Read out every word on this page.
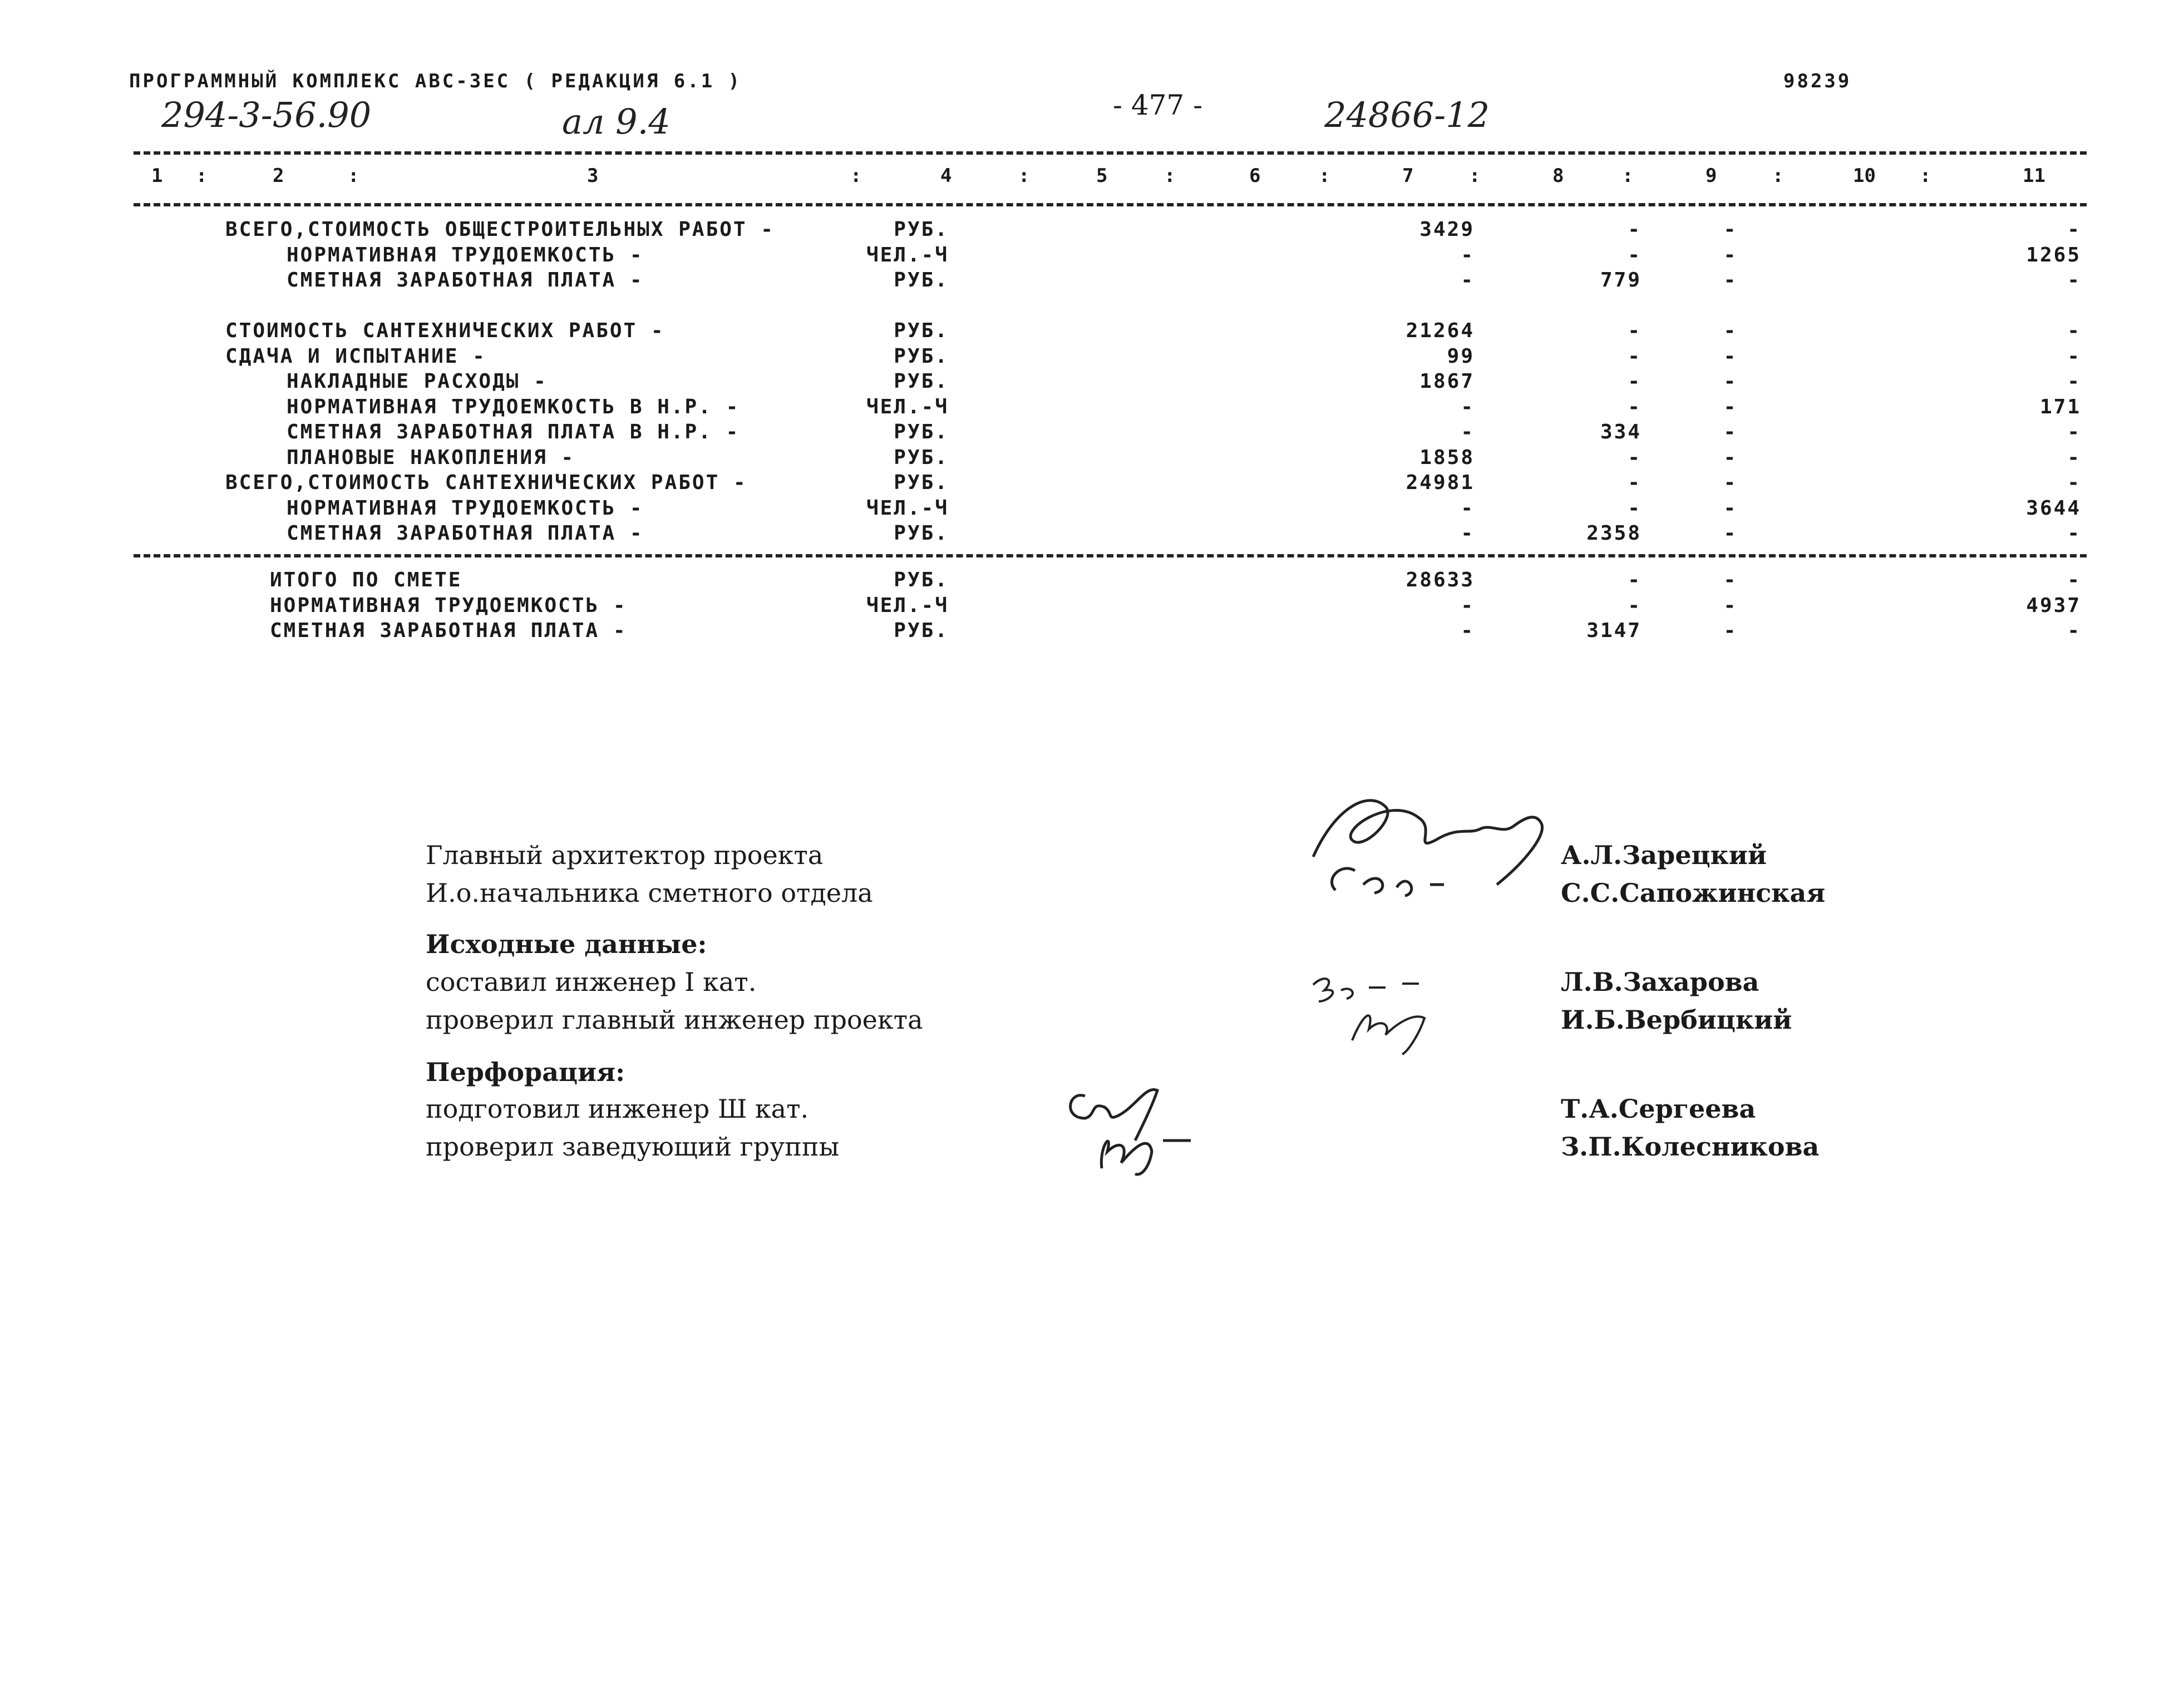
ПРОГРАММНЫЙ КОМПЛЕКС АВС-3ЕС ( РЕДАКЦИЯ 6.1 )	98239
294-3-56.90	ал 9.4	- 477 -	24866-12
1 :	2	:	3	:	4	:	5	:	6	:	7	:	8	:	9	:	10 :	11
ВСЕГО,СТОИМОСТЬ ОБЩЕСТРОИТЕЛЬНЫХ РАБОТ -	РУБ.	3429	-	-	-
НОРМАТИВНАЯ ТРУДОЕМКОСТЬ -	ЧЕЛ.-Ч	-	-	-	1265
СМЕТНАЯ ЗАРАБОТНАЯ ПЛАТА -	РУБ.	-	779	-	-
СТОИМОСТЬ САНТЕХНИЧЕСКИХ РАБОТ -	РУБ.	21264	-	-	-
СДАЧА И ИСПЫТАНИЕ -	РУБ.	99	-	-	-
НАКЛАДНЫЕ РАСХОДЫ -	РУБ.	1867	-	-	-
НОРМАТИВНАЯ ТРУДОЕМКОСТЬ В Н.Р. -	ЧЕЛ.-Ч	-	-	-	171
СМЕТНАЯ ЗАРАБОТНАЯ ПЛАТА В Н.Р. -	РУБ.	-	334	-	-
ПЛАНОВЫЕ НАКОПЛЕНИЯ -	РУБ.	1858	-	-	-
ВСЕГО,СТОИМОСТЬ САНТЕХНИЧЕСКИХ РАБОТ -	РУБ.	24981	-	-	-
НОРМАТИВНАЯ ТРУДОЕМКОСТЬ -	ЧЕЛ.-Ч	-	-	-	3644
СМЕТНАЯ ЗАРАБОТНАЯ ПЛАТА -	РУБ.	-	2358	-	-
ИТОГО ПО СМЕТЕ	РУБ.	28633	-	-	-
НОРМАТИВНАЯ ТРУДОЕМКОСТЬ -	ЧЕЛ.-Ч	-	-	-	4937
СМЕТНАЯ ЗАРАБОТНАЯ ПЛАТА -	РУБ.	-	3147	-	-
Главный архитектор проекта	А.Л.Зарецкий
И.о.начальника сметного отдела	С.С.Сапожинская
Исходные данные:
составил инженер I кат.	Л.В.Захарова
проверил главный инженер проекта	И.Б.Вербицкий
Перфорация:
подготовил инженер Ш кат.	Т.А.Сергеева
проверил заведующий группы	З.П.Колесникова
